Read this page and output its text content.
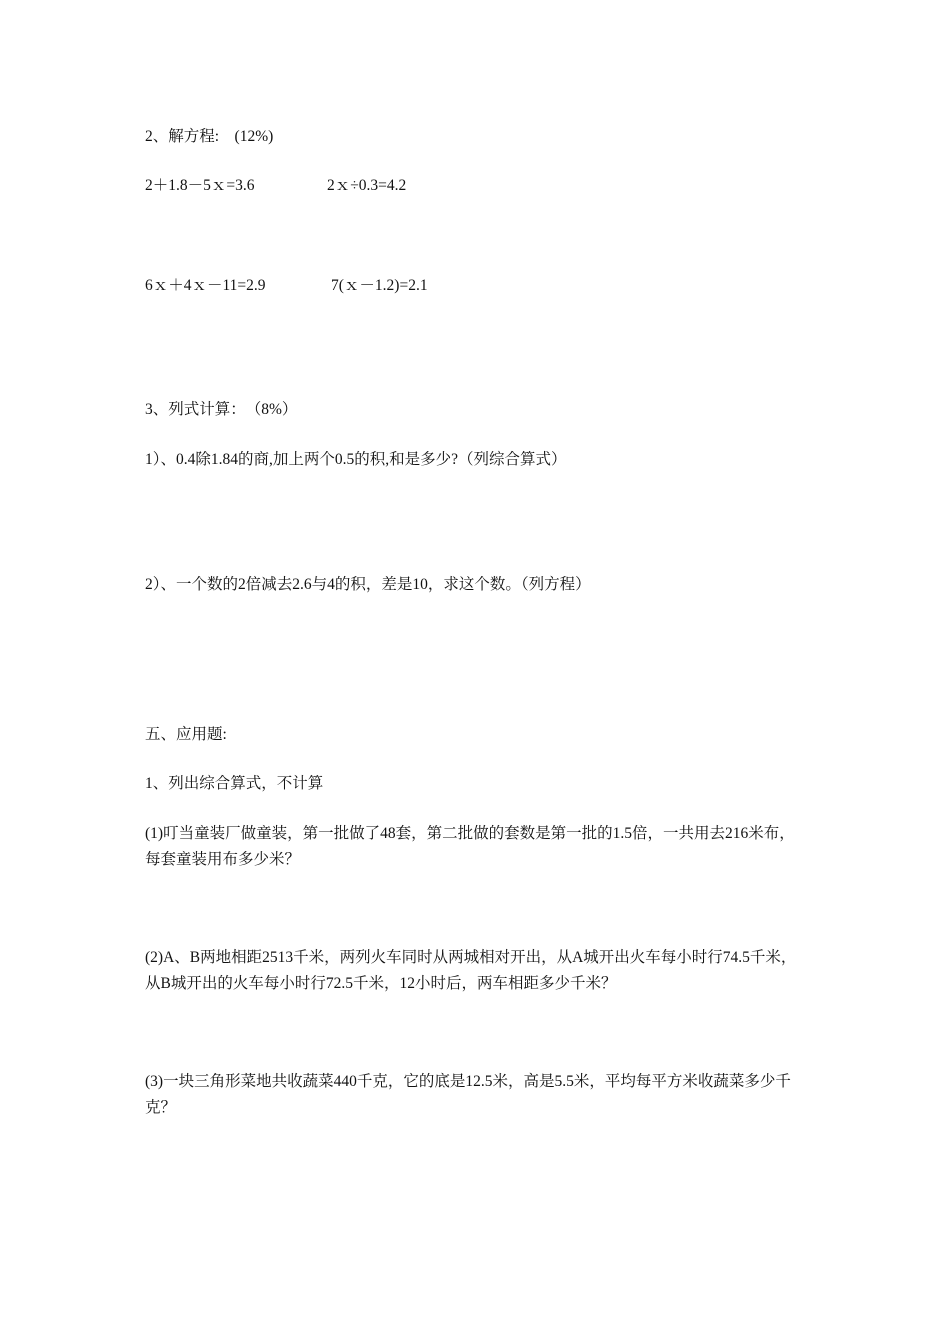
2、解方程:　(12%)
2＋1.8－5ｘ=3.6	2ｘ÷0.3=4.2
6ｘ＋4ｘ－11=2.9	7(ｘ－1.2)=2.1
3、列式计算：　（8%）
1）、0.4除1.84的商,加上两个0.5的积,和是多少?（列综合算式）
2）、一个数的2倍减去2.6与4的积，差是10，求这个数。（列方程）
五、应用题:
1、列出综合算式，不计算
(1)叮当童装厂做童装，第一批做了48套，第二批做的套数是第一批的1.5倍，一共用去216米布，每套童装用布多少米？
(2)A、B两地相距2513千米，两列火车同时从两城相对开出，从A城开出火车每小时行74.5千米，从B城开出的火车每小时行72.5千米，12小时后，两车相距多少千米？
(3)一块三角形菜地共收蔬菜440千克，它的底是12.5米，高是5.5米，平均每平方米收蔬菜多少千克？
